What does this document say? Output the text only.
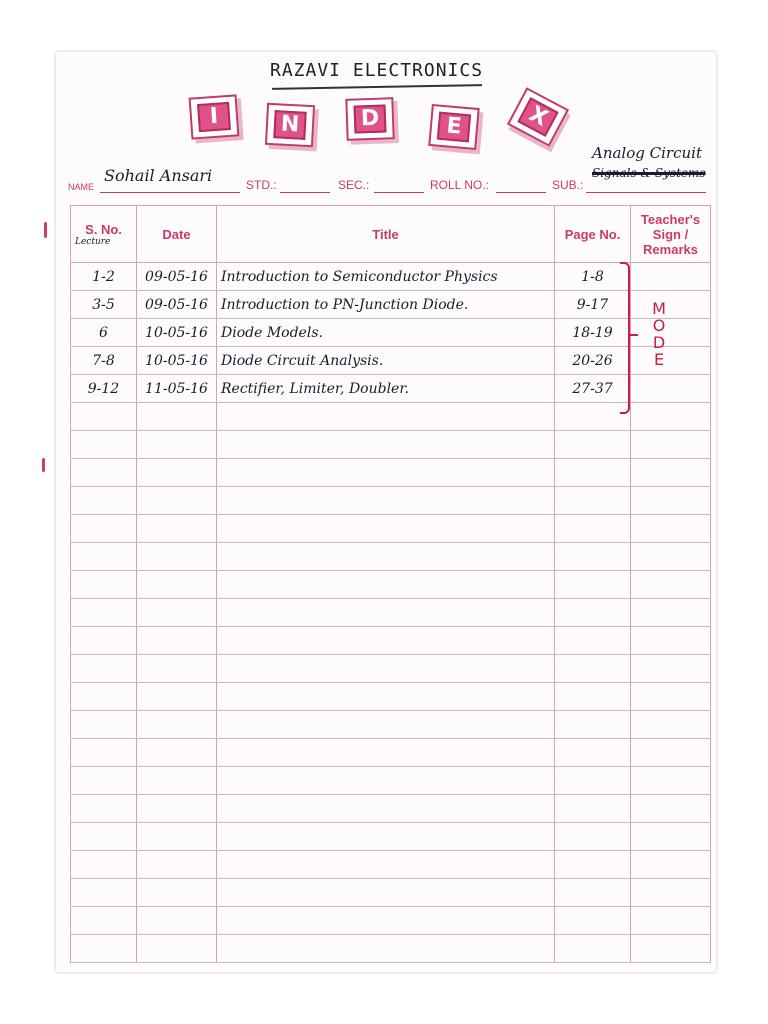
RAZAVI ELECTRONICS
I	N	D	E	X
NAME
Sohail Ansari	STD.:	SEC.:	ROLL NO.:	SUB.:
Analog Circuit
Signals & Systems
S. No.
Lecture	Date	Title	Page No.	Teacher's Sign / Remarks
1-2	09-05-16	Introduction to Semiconductor Physics	1-8	
3-5	09-05-16	Introduction to PN-Junction Diode.	9-17	
6	10-05-16	Diode Models.	18-19	
7-8	10-05-16	Diode Circuit Analysis.	20-26	
9-12	11-05-16	Rectifier, Limiter, Doubler.	27-37	

MODE
